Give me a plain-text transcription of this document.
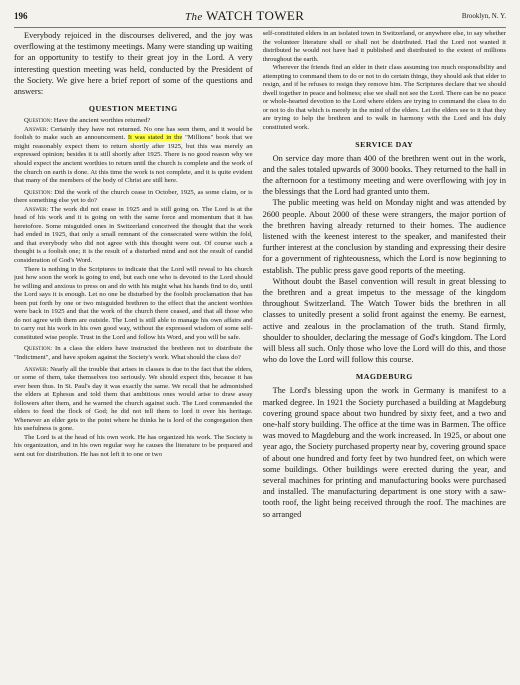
196	The WATCH TOWER	Brooklyn, N. Y.

Everybody rejoiced in the discourses delivered, and the joy was overflowing at the testimony meetings. Many were standing up waiting for an opportunity to testify to their great joy in the Lord. A very interesting question meeting was held, conducted by the President of the Society. We give here a brief report of some of the questions and answers:

QUESTION MEETING

Question: Have the ancient worthies returned?

Answer: Certainly they have not returned. No one has seen them, and it would be foolish to make such an announcement. It was stated in the "Millions" book that we might reasonably expect them to return shortly after 1925, but this was merely an expressed opinion; besides it is still shortly after 1925. There is no good reason why we should expect the ancient worthies to return until the church is complete and the work of the church on earth is done. At this time the work is not complete, and it is quite evident that many of the members of the body of Christ are still here.

Question: Did the work of the church cease in October, 1925, as some claim, or is there something else yet to do?

Answer: The work did not cease in 1925 and is still going on. The Lord is at the head of his work and it is going on with the same force and momentum that it has heretofore. Some misguided ones in Switzerland conceived the thought that the work had ended in 1925, that only a small remnant of the consecrated were within the fold, and that everybody who did not agree with this thought were out. Of course such a thought is a foolish one; it is the result of a disturbed mind and not the result of candid consideration of God's Word.

There is nothing in the Scriptures to indicate that the Lord will reveal to his church just how soon the work is going to end, but each one who is devoted to the Lord should be willing and anxious to press on and do with his might what his hands find to do, until the Lord says it is enough. Let no one be disturbed by the foolish proclamation that has been put forth by one or two misguided brethren to the effect that the ancient worthies were back in 1925 and that the work of the church there ceased, and that all those who do not agree with them are outside. The Lord is still able to manage his own affairs and to carry out his work in his own good way, without the expressed wisdom of some self-constituted wise people. Trust in the Lord and follow his Word, and you will be safe.

Question: In a class the elders have instructed the brethren not to distribute the "Indictment", and have spoken against the Society's work. What should the class do?

Answer: Nearly all the trouble that arises in classes is due to the fact that the elders, or some of them, take themselves too seriously. We should expect this, because it has ever been thus. In St. Paul's day it was exactly the same. We recall that he admonished the elders at Ephesus and told them that ambitious ones would arise to draw away followers after them, and he warned the church against such. The Lord commanded the elders to feed the flock of God; he did not tell them to lord it over his heritage. Whenever an elder gets to the point where he thinks he is lord of the congregation then his usefulness is gone.

The Lord is at the head of his own work. He has organized his work. The Society is his organization, and in his own regular way he causes the literature to be prepared and sent out for distribution. He has not left it to one or two

self-constituted elders in an isolated town in Switzerland, or anywhere else, to say whether the volunteer literature shall or shall not be distributed. Had the Lord not wanted it distributed he would not have had it published and distributed to the extent of millions throughout the earth.

Wherever the friends find an elder in their class assuming too much responsibility and attempting to command them to do or not to do certain things, they should ask that elder to resign, and if he refuses to resign they remove him. The Scriptures declare that we should dwell together in peace and holiness; else we shall not see the Lord. There can be no peace or whole-hearted devotion to the Lord where elders are trying to command the class to do or not to do that which is merely in the mind of the elders. Let the elders see to it that they are trying to help the brethren and to walk in harmony with the Lord and his duly constituted work.

SERVICE DAY

On service day more than 400 of the brethren went out in the work, and the sales totaled upwards of 3000 books. They returned to the hall in the afternoon for a testimony meeting and were overflowing with joy in the blessings that the Lord had granted unto them.

The public meeting was held on Monday night and was attended by 2600 people. About 2000 of these were strangers, the major portion of the brethren having already returned to their homes. The audience listened with the keenest interest to the speaker, and manifested their further interest at the conclusion by standing and expressing their desire for a government of righteousness, which the Lord is now beginning to establish. The public press gave good reports of the meeting.

Without doubt the Basel convention will result in great blessing to the brethren and a great impetus to the message of the kingdom throughout Switzerland. The Watch Tower bids the brethren in all classes to unitedly present a solid front against the enemy. Be earnest, active and zealous in the proclamation of the truth. Stand firmly, shoulder to shoulder, declaring the message of God's kingdom. The Lord will bless all such. Only those who love the Lord will do this, and those who do love the Lord will follow this course.

MAGDEBURG

The Lord's blessing upon the work in Germany is manifest to a marked degree. In 1921 the Society purchased a building at Magdeburg covering ground space about two hundred by sixty feet, and a two and one-half story building. The office at the time was in Barmen. The office was moved to Magdeburg and the work increased. In 1925, or about one year ago, the Society purchased property near by, covering ground space of about one hundred and forty feet by two hundred feet, on which were some buildings. Other buildings were erected during the year, and several machines for printing and manufacturing books were purchased and installed. The manufacturing department is one story with a saw-tooth roof, the light being received through the roof. The machines are so arranged
